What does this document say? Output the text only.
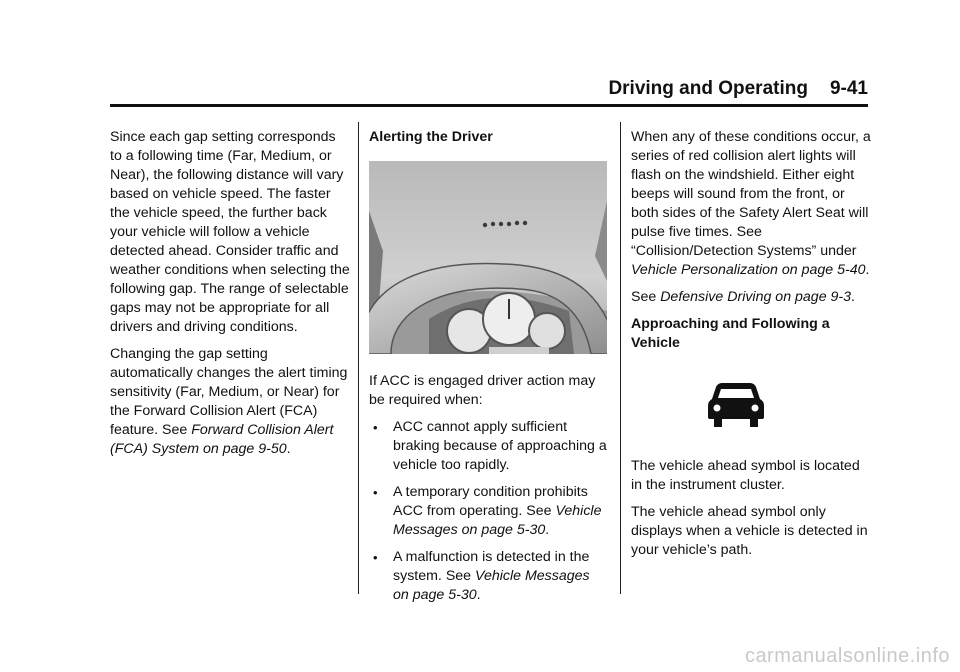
Driving and Operating 9-41

Since each gap setting corresponds to a following time (Far, Medium, or Near), the following distance will vary based on vehicle speed. The faster the vehicle speed, the further back your vehicle will follow a vehicle detected ahead. Consider traffic and weather conditions when selecting the following gap. The range of selectable gaps may not be appropriate for all drivers and driving conditions.

Changing the gap setting automatically changes the alert timing sensitivity (Far, Medium, or Near) for the Forward Collision Alert (FCA) feature. See Forward Collision Alert (FCA) System on page 9-50.

Alerting the Driver

If ACC is engaged driver action may be required when:

• ACC cannot apply sufficient braking because of approaching a vehicle too rapidly.
• A temporary condition prohibits ACC from operating. See Vehicle Messages on page 5-30.
• A malfunction is detected in the system. See Vehicle Messages on page 5-30.

When any of these conditions occur, a series of red collision alert lights will flash on the windshield. Either eight beeps will sound from the front, or both sides of the Safety Alert Seat will pulse five times. See “Collision/Detection Systems” under Vehicle Personalization on page 5-40.

See Defensive Driving on page 9-3.

Approaching and Following a Vehicle

The vehicle ahead symbol is located in the instrument cluster.

The vehicle ahead symbol only displays when a vehicle is detected in your vehicle’s path.

carmanualsonline.info
